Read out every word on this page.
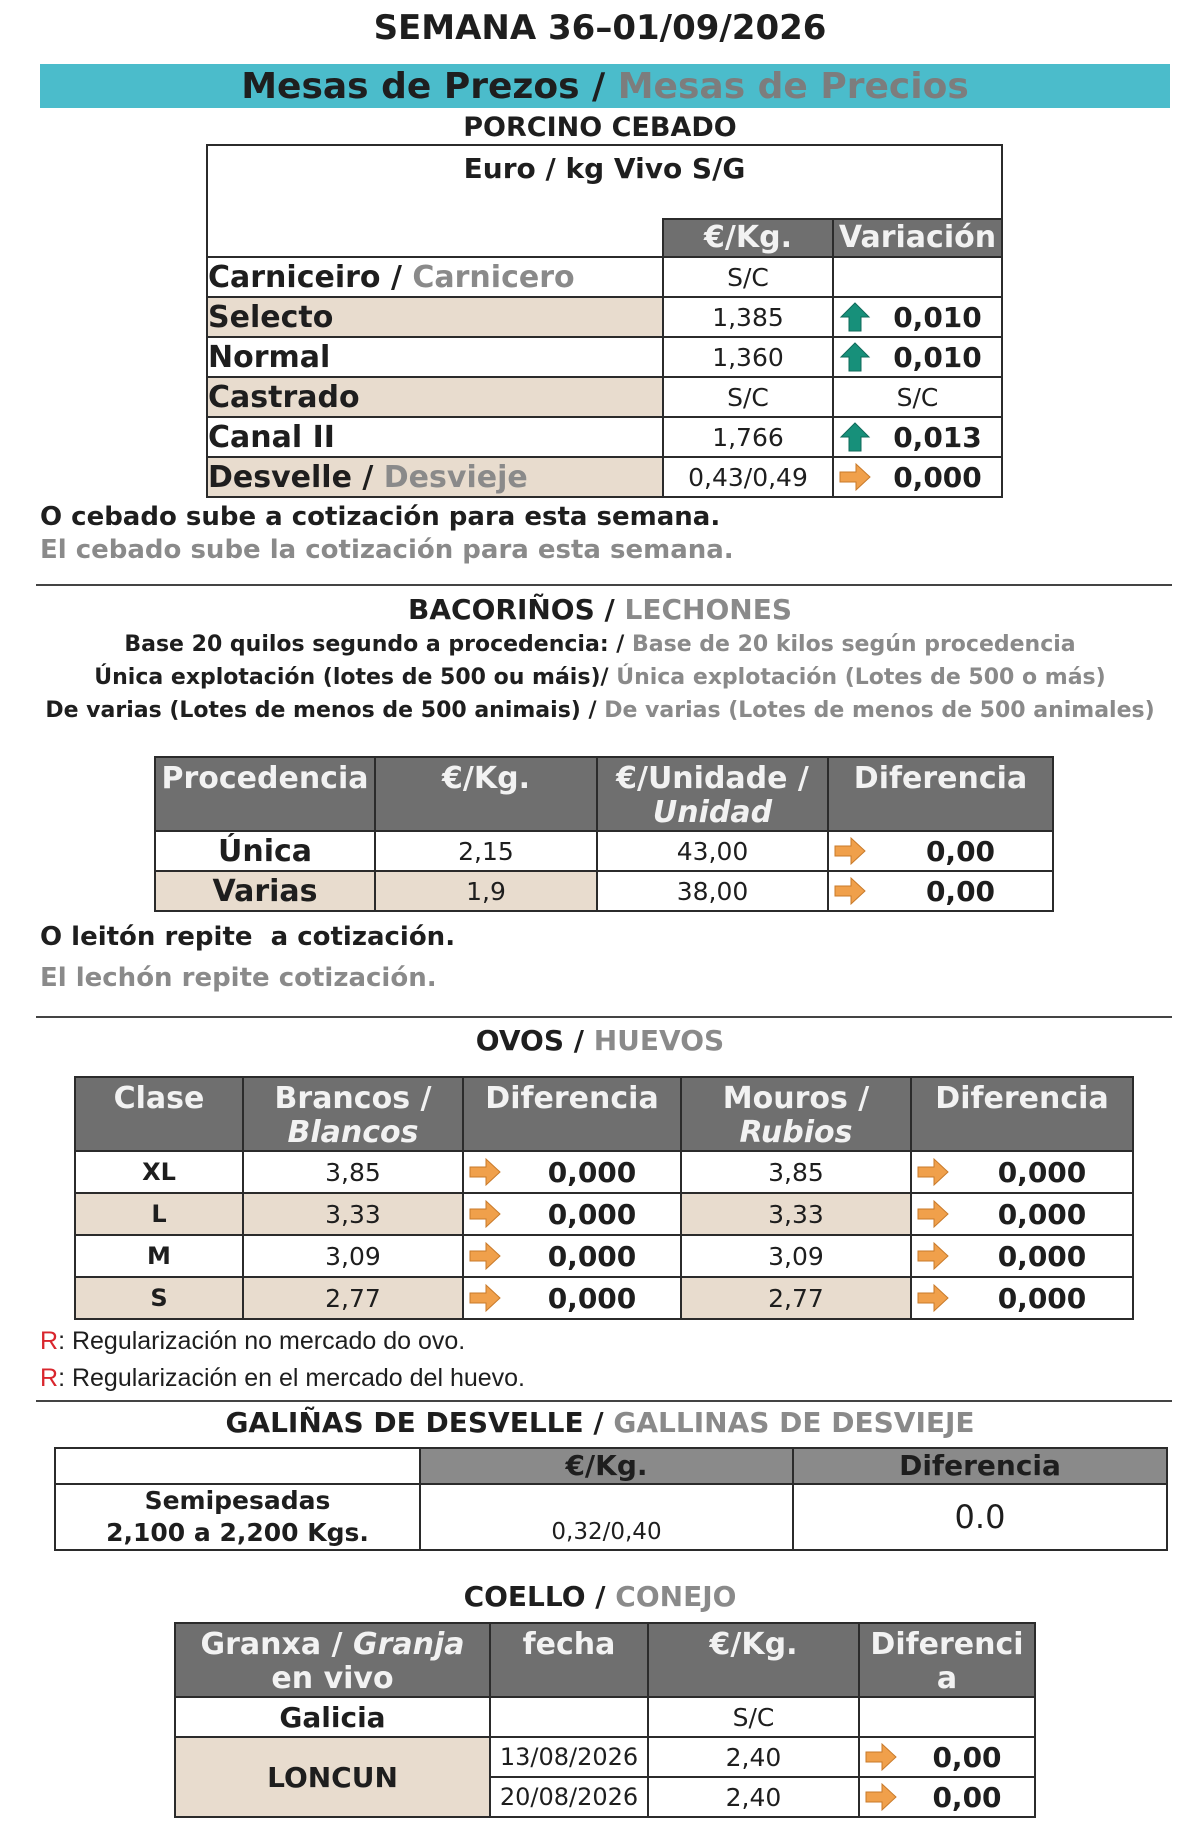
SEMANA 36–01/09/2026
Mesas de Prezos / Mesas de Precios
PORCINO CEBADO
Euro / kg Vivo S/G		
	€/Kg.	Variación
Carniceiro / Carnicero	S/C	
Selecto	1,385	0,010

Normal	1,360	0,010

Castrado	S/C	S/C
Canal II	1,766	0,013

Desvelle / Desvieje	0,43/0,49	0,000
O cebado sube a cotización para esta semana.
El cebado sube la cotización para esta semana.
BACORIÑOS / LECHONES
Base 20 quilos segundo a procedencia: / Base de 20 kilos según procedencia
Única explotación (lotes de 500 ou máis)/ Única explotación (Lotes de 500 o más)
De varias (Lotes de menos de 500 animais) / De varias (Lotes de menos de 500 animales)
Procedencia	€/Kg.	€/Unidade /
Unidad	Diferencia
Única	2,15	43,00	0,00

Varias	1,9	38,00	0,00
O leitón repite  a cotización.
El lechón repite cotización.
OVOS / HUEVOS
Clase	Brancos /
Blancos	Diferencia	Mouros /
Rubios	Diferencia
XL	3,85	0,000	3,85	0,000

L	3,33	0,000	3,33	0,000

M	3,09	0,000	3,09	0,000

S	2,77	0,000	2,77	0,000
R: Regularización no mercado do ovo.
R: Regularización en el mercado del huevo.
GALIÑAS DE DESVELLE / GALLINAS DE DESVIEJE
	€/Kg.	Diferencia
Semipesadas
2,100 a 2,200 Kgs.	0,32/0,40	0.0
COELLO / CONEJO
Granxa / Granja
en vivo	fecha	€/Kg.	Diferenci
a
Galicia		S/C	
LONCUN	13/08/2026	2,40	0,00

	20/08/2026	2,40	0,00
